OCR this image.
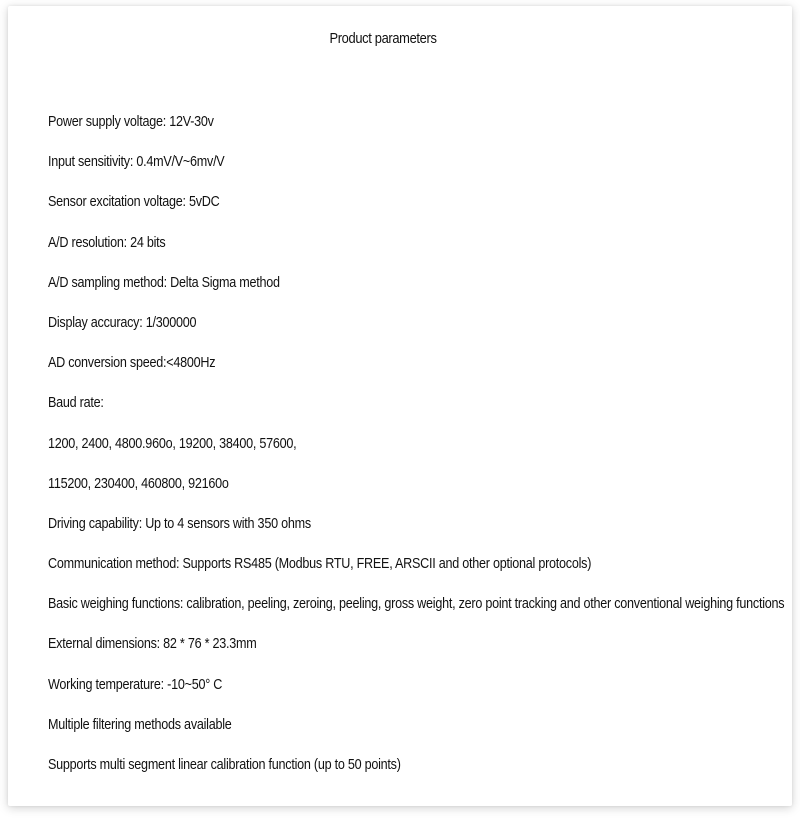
Product parameters
Power supply voltage: 12V-30v
Input sensitivity: 0.4mV/V~6mv/V
Sensor excitation voltage: 5vDC
A/D resolution: 24 bits
A/D sampling method: Delta Sigma method
Display accuracy: 1/300000
AD conversion speed:<4800Hz
Baud rate:
1200, 2400, 4800.960o, 19200, 38400, 57600,
115200, 230400, 460800, 92160o
Driving capability: Up to 4 sensors with 350 ohms
Communication method: Supports RS485 (Modbus RTU, FREE, ARSCII and other optional protocols)
Basic weighing functions: calibration, peeling, zeroing, peeling, gross weight, zero point tracking and other conventional weighing functions
External dimensions: 82 * 76 * 23.3mm
Working temperature: -10~50° C
Multiple filtering methods available
Supports multi segment linear calibration function (up to 50 points)
